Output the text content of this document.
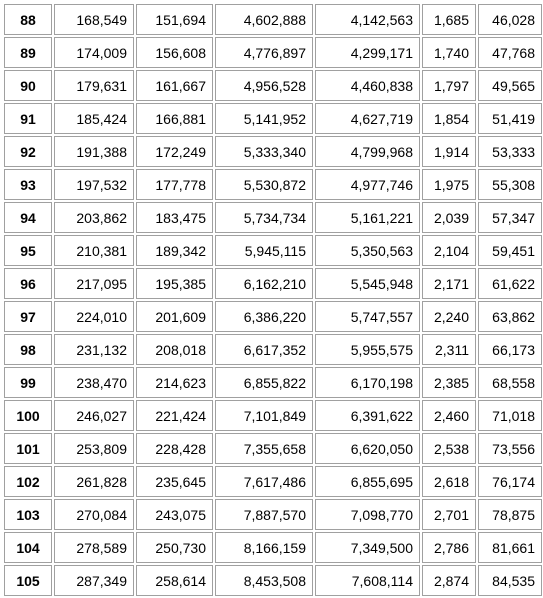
88	168,549	151,694	4,602,888	4,142,563	1,685	46,028
89	174,009	156,608	4,776,897	4,299,171	1,740	47,768
90	179,631	161,667	4,956,528	4,460,838	1,797	49,565
91	185,424	166,881	5,141,952	4,627,719	1,854	51,419
92	191,388	172,249	5,333,340	4,799,968	1,914	53,333
93	197,532	177,778	5,530,872	4,977,746	1,975	55,308
94	203,862	183,475	5,734,734	5,161,221	2,039	57,347
95	210,381	189,342	5,945,115	5,350,563	2,104	59,451
96	217,095	195,385	6,162,210	5,545,948	2,171	61,622
97	224,010	201,609	6,386,220	5,747,557	2,240	63,862
98	231,132	208,018	6,617,352	5,955,575	2,311	66,173
99	238,470	214,623	6,855,822	6,170,198	2,385	68,558
100	246,027	221,424	7,101,849	6,391,622	2,460	71,018
101	253,809	228,428	7,355,658	6,620,050	2,538	73,556
102	261,828	235,645	7,617,486	6,855,695	2,618	76,174
103	270,084	243,075	7,887,570	7,098,770	2,701	78,875
104	278,589	250,730	8,166,159	7,349,500	2,786	81,661
105	287,349	258,614	8,453,508	7,608,114	2,874	84,535
